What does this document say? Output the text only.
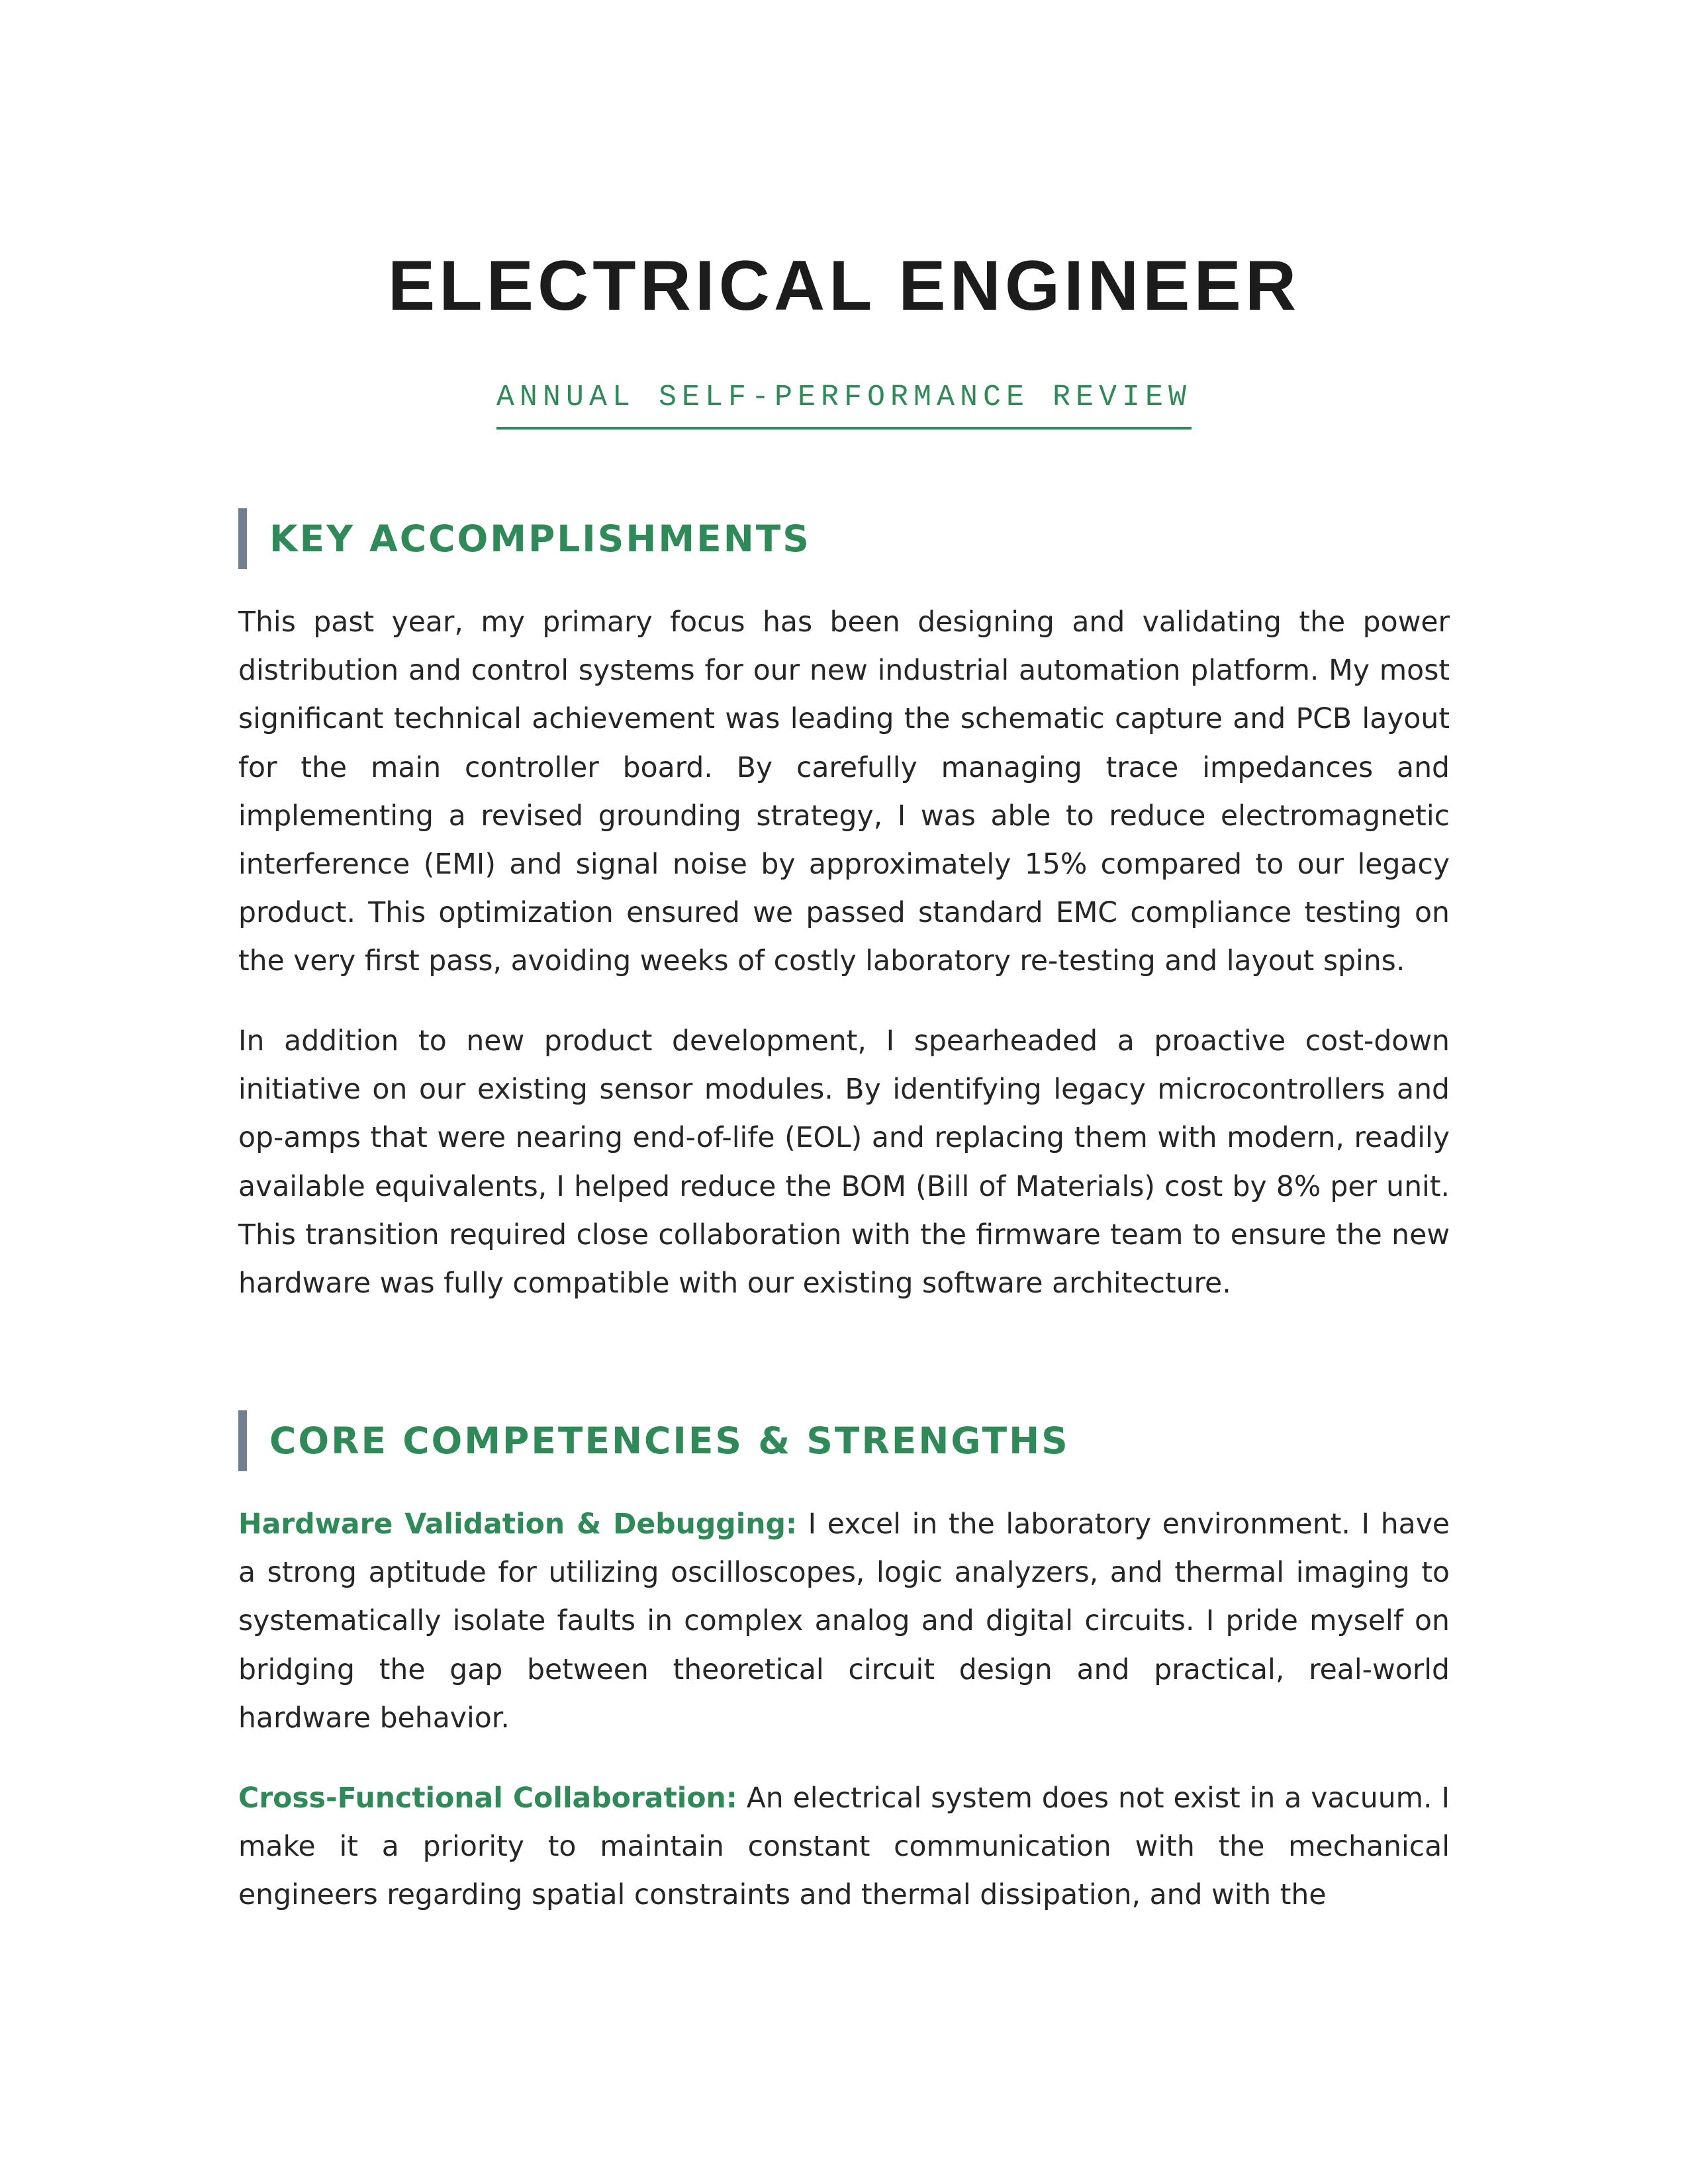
ELECTRICAL ENGINEER
ANNUAL SELF-PERFORMANCE REVIEW
KEY ACCOMPLISHMENTS

This past year, my primary focus has been designing and validating the power distribution and control systems for our new industrial automation platform. My most significant technical achievement was leading the schematic capture and PCB layout for the main controller board. By carefully managing trace impedances and implementing a revised grounding strategy, I was able to reduce electromagnetic interference (EMI) and signal noise by approximately 15% compared to our legacy product. This optimization ensured we passed standard EMC compliance testing on the very first pass, avoiding weeks of costly laboratory re-testing and layout spins.

In addition to new product development, I spearheaded a proactive cost-down initiative on our existing sensor modules. By identifying legacy microcontrollers and op-amps that were nearing end-of-life (EOL) and replacing them with modern, readily available equivalents, I helped reduce the BOM (Bill of Materials) cost by 8% per unit. This transition required close collaboration with the firmware team to ensure the new hardware was fully compatible with our existing software architecture.

CORE COMPETENCIES & STRENGTHS

Hardware Validation & Debugging: I excel in the laboratory environment. I have a strong aptitude for utilizing oscilloscopes, logic analyzers, and thermal imaging to systematically isolate faults in complex analog and digital circuits. I pride myself on bridging the gap between theoretical circuit design and practical, real-world hardware behavior.

Cross-Functional Collaboration: An electrical system does not exist in a vacuum. I make it a priority to maintain constant communication with the mechanical engineers regarding spatial constraints and thermal dissipation, and with the
